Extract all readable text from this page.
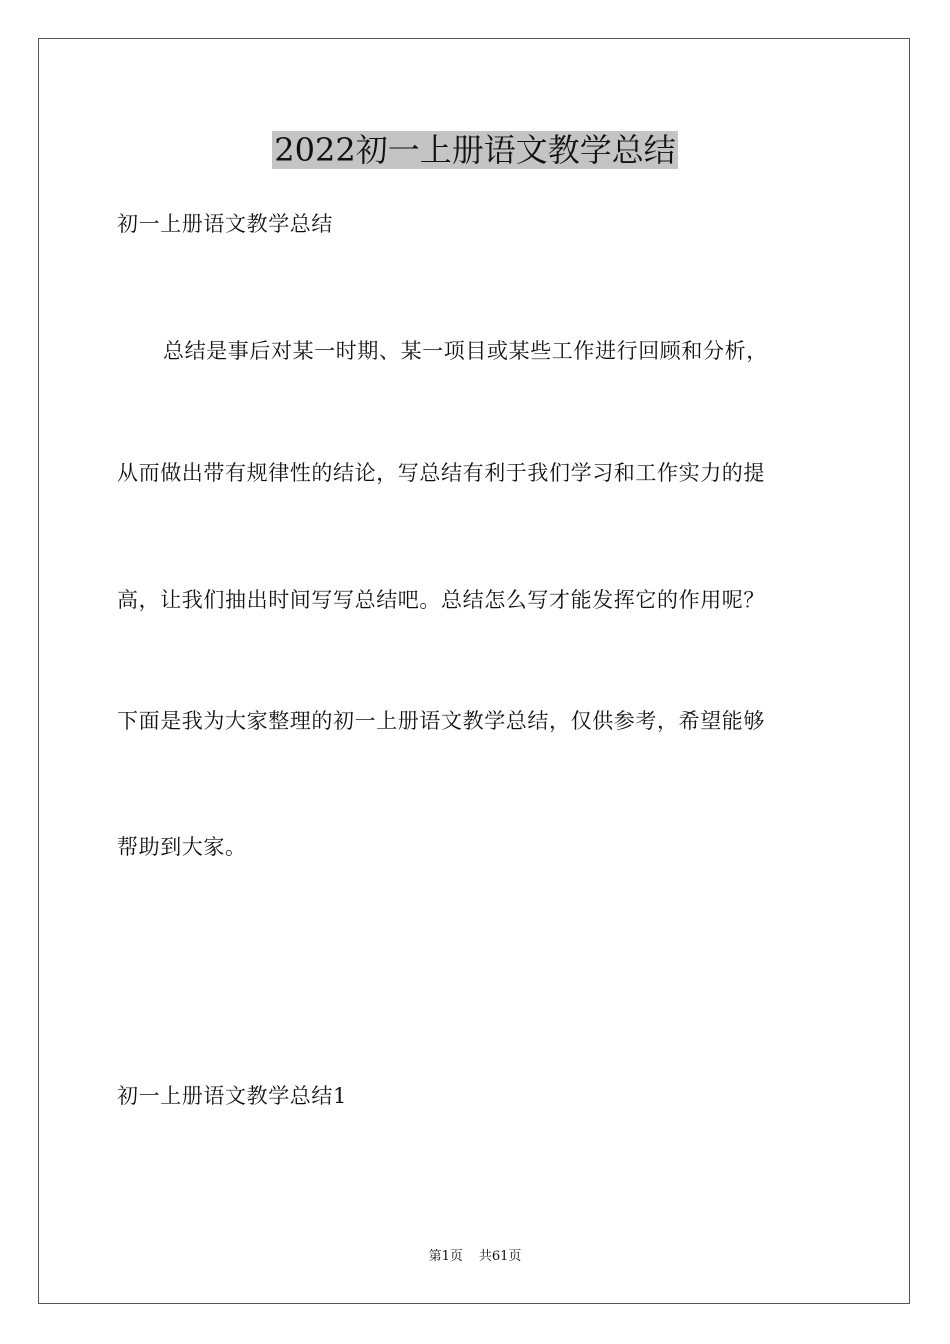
2022初一上册语文教学总结
初一上册语文教学总结
总结是事后对某一时期、某一项目或某些工作进行回顾和分析，
从而做出带有规律性的结论，写总结有利于我们学习和工作实力的提
高，让我们抽出时间写写总结吧。总结怎么写才能发挥它的作用呢？
下面是我为大家整理的初一上册语文教学总结，仅供参考，希望能够
帮助到大家。
初一上册语文教学总结1
第1页 共61页
